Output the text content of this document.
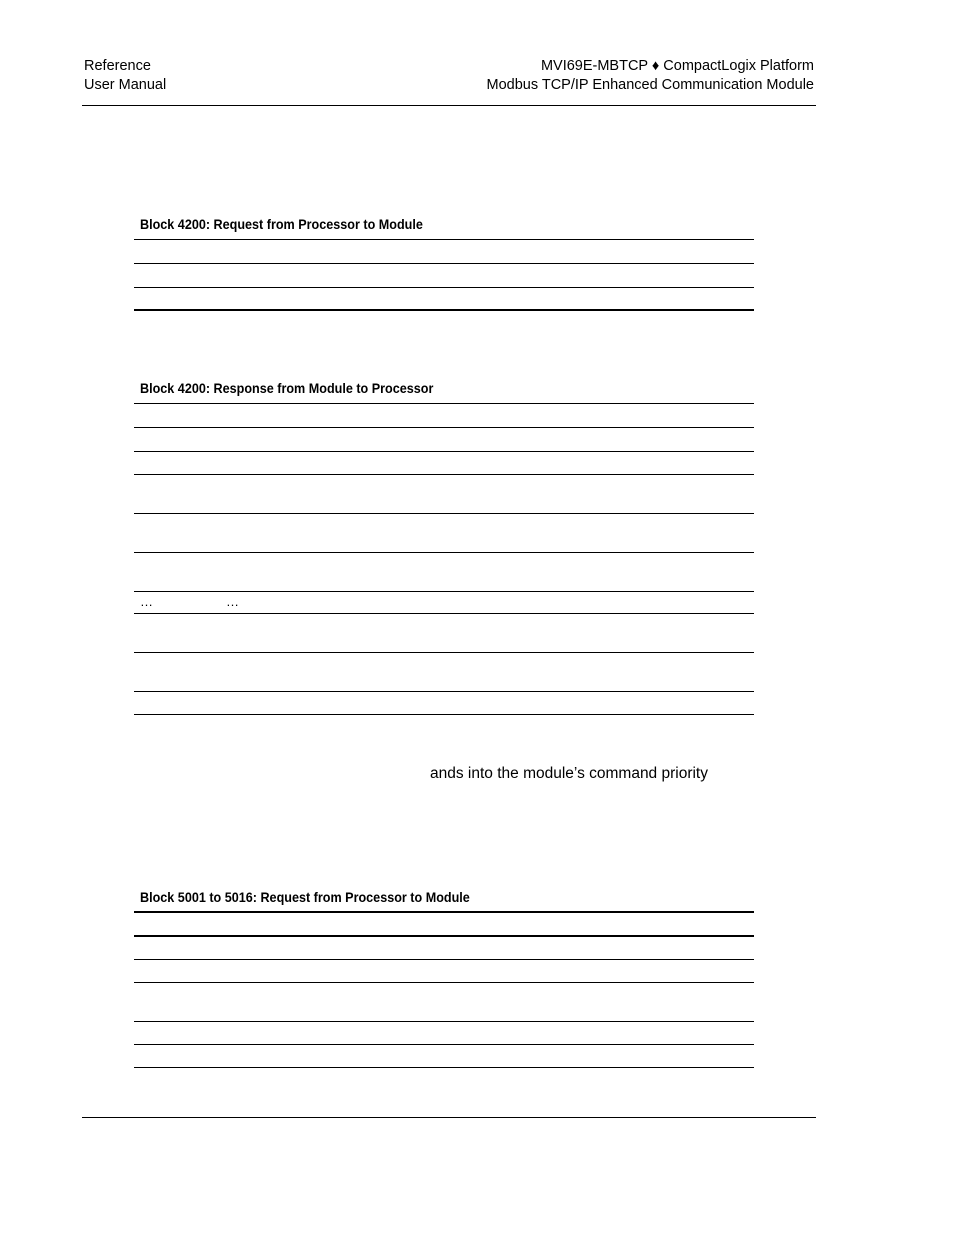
Reference
User Manual
MVI69E-MBTCP ♦ CompactLogix Platform
Modbus TCP/IP Enhanced Communication Module
Block 4200: Request from Processor to Module
Block 4200: Response from Module to Processor
…	…
ands into the module’s command priority
Block 5001 to 5016: Request from Processor to Module
